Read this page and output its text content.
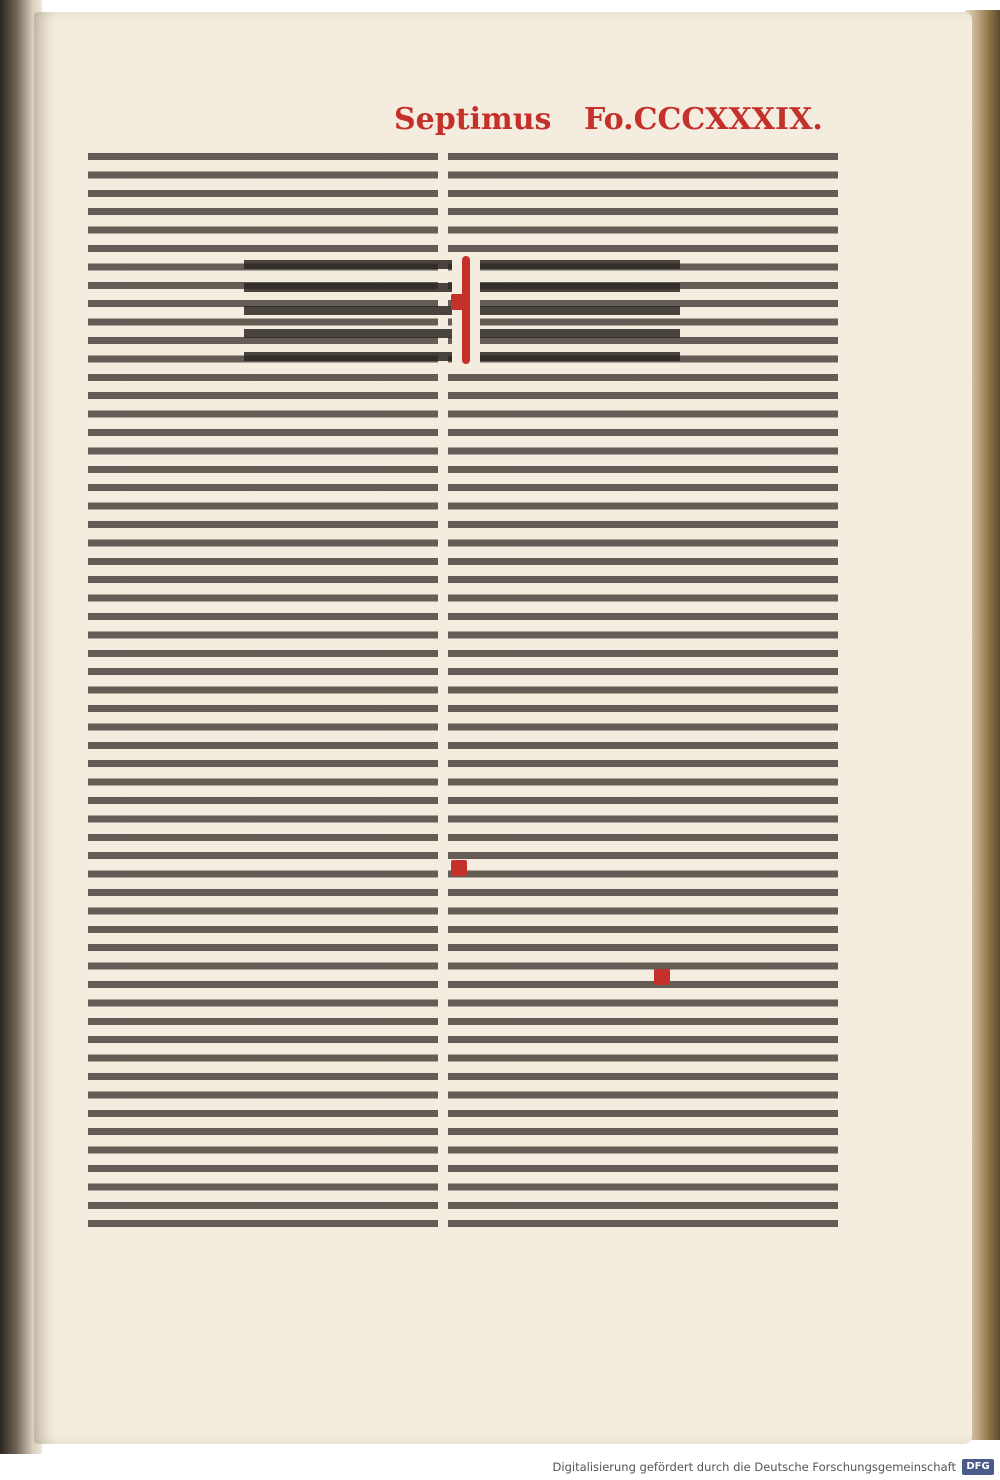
Septimus Fo.CCCXXXIX.
Digitalisierung gefördert durch die Deutsche Forschungsgemeinschaft	DFG
